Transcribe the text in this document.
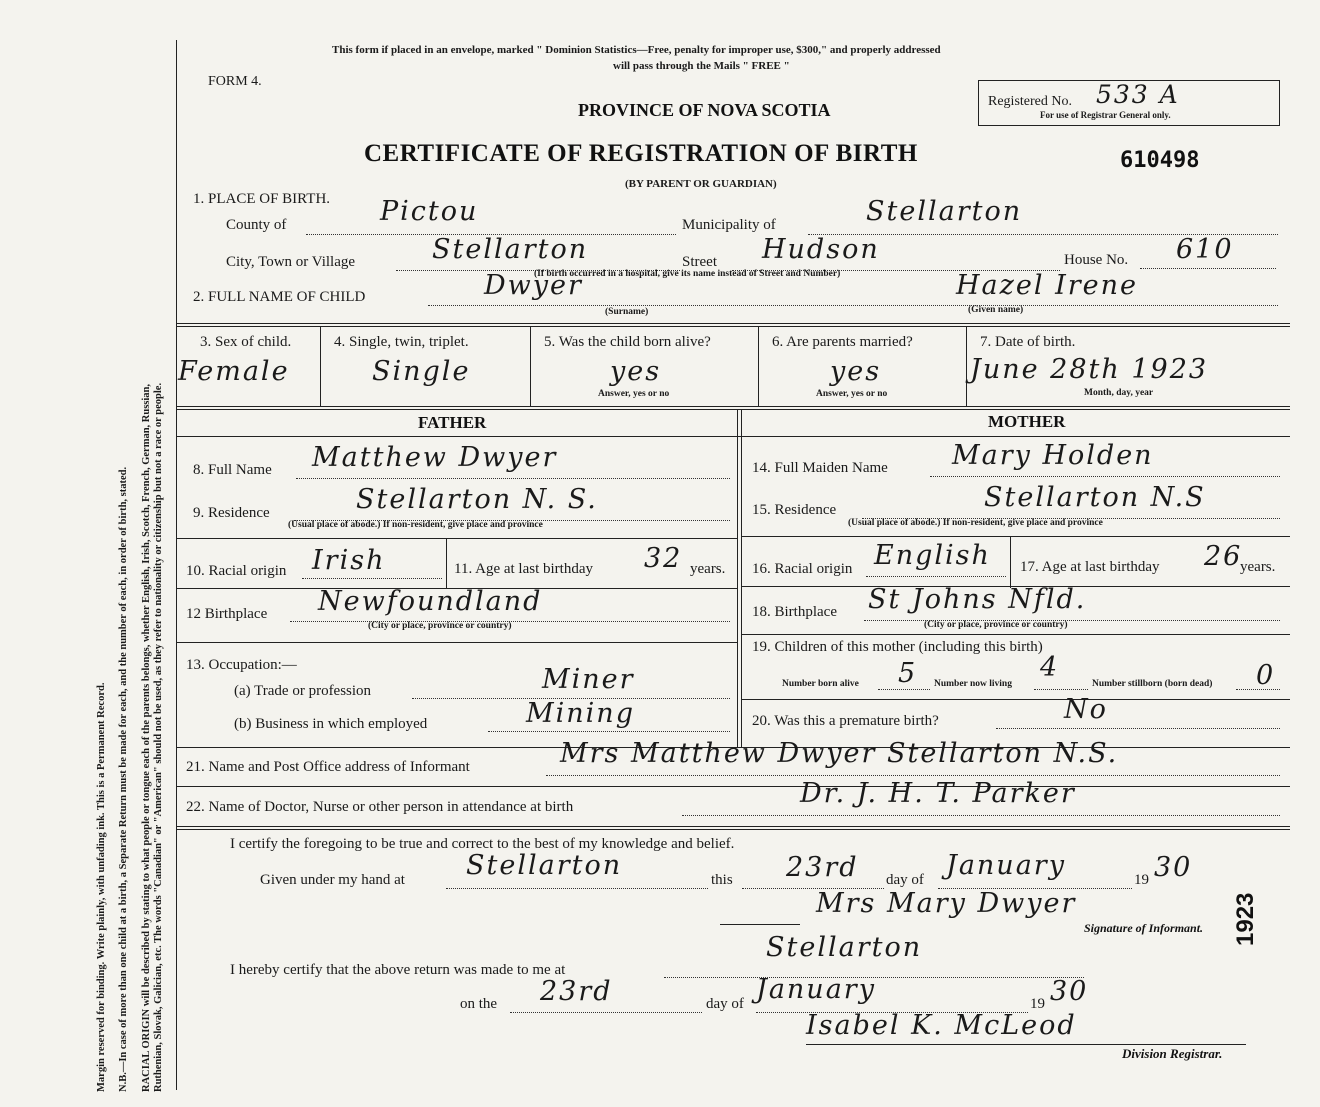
Margin reserved for binding. Write plainly, with unfading ink. This is a Permanent Record. N.B.—In case of more than one child at a birth, a Separate Return must be made for each, and the number of each, in order of birth, stated. RACIAL ORIGIN will be described by stating to what people or tongue each of the parents belongs, whether English, Irish, Scotch, French, German, Russian, Ruthenian, Slovak, Galician, etc. The words "Canadian" or "American" should not be used, as they refer to nationality or citizenship but not a race or people.
This form if placed in an envelope, marked " Dominion Statistics—Free, penalty for improper use, $300," and properly addressed
will pass through the Mails " FREE "
FORM 4.
PROVINCE OF NOVA SCOTIA
CERTIFICATE OF REGISTRATION OF BIRTH
(BY PARENT OR GUARDIAN)
610498
Registered No. 533 A
For use of Registrar General only.
1. PLACE OF BIRTH.
County of	Pictou	Municipality of	Stellarton
City, Town or Village	Stellarton	Street Hudson	House No. 610
(If birth occurred in a hospital, give its name instead of Street and Number)
2. FULL NAME OF CHILD	Dwyer
(Surname)
Hazel Irene
(Given name)
3. Sex of child.
Female
4. Single, twin, triplet.
Single
5. Was the child born alive?
yes
Answer, yes or no
6. Are parents married?
yes
Answer, yes or no
7. Date of birth.
June 28th 1923
Month, day, year
FATHER	MOTHER
8. Full Name Matthew Dwyer
9. Residence	Stellarton N. S.
(Usual place of abode.) If non-resident, give place and province
10. Racial origin Irish	11. Age at last birthday 32 years.
12 Birthplace Newfoundland
(City or place, province or country)
13. Occupation:—
(a) Trade or profession	Miner
(b) Business in which employed	Mining
14. Full Maiden Name Mary Holden
15. Residence	Stellarton N.S
(Usual place of abode.) If non-resident, give place and province
16. Racial origin English 17. Age at last birthday 26
years.
18. Birthplace St Johns Nfld.
(City or place, province or country)
19. Children of this mother (including this birth)
Number born alive 5 Number now living
4
Number stillborn (born dead) 0
20. Was this a premature birth?	No
21. Name and Post Office address of Informant	Mrs Matthew Dwyer Stellarton N.S.
22. Name of Doctor, Nurse or other person in attendance at birth	Dr. J. H. T. Parker
I certify the foregoing to be true and correct to the best of my knowledge and belief.
Given under my hand at Stellarton	this 23rd day of January	19 30
Mrs Mary Dwyer
Signature of Informant. 1923
I hereby certify that the above return was made to me at
Stellarton
on the 23rd	day of January	19 30
Isabel K. McLeod
Division Registrar.
